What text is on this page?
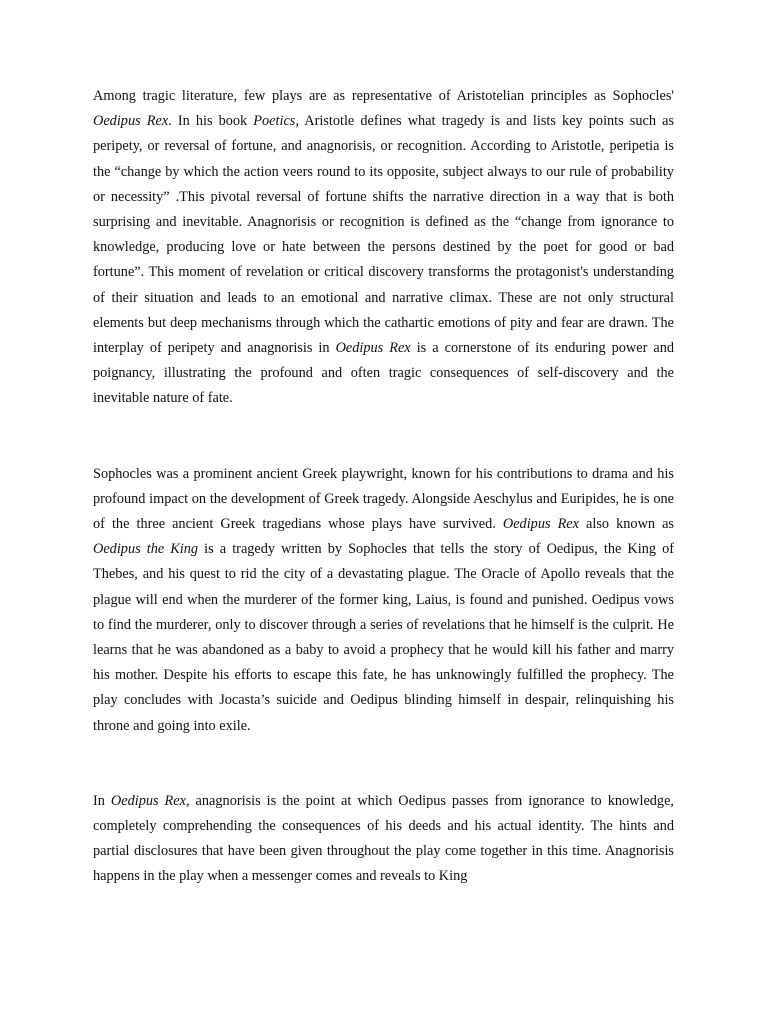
Among tragic literature, few plays are as representative of Aristotelian principles as Sophocles' Oedipus Rex. In his book Poetics, Aristotle defines what tragedy is and lists key points such as peripety, or reversal of fortune, and anagnorisis, or recognition. According to Aristotle, peripetia is the “change by which the action veers round to its opposite, subject always to our rule of probability or necessity” .This pivotal reversal of fortune shifts the narrative direction in a way that is both surprising and inevitable. Anagnorisis or recognition is defined as the “change from ignorance to knowledge, producing love or hate between the persons destined by the poet for good or bad fortune”. This moment of revelation or critical discovery transforms the protagonist's understanding of their situation and leads to an emotional and narrative climax. These are not only structural elements but deep mechanisms through which the cathartic emotions of pity and fear are drawn. The interplay of peripety and anagnorisis in Oedipus Rex is a cornerstone of its enduring power and poignancy, illustrating the profound and often tragic consequences of self-discovery and the inevitable nature of fate.

Sophocles was a prominent ancient Greek playwright, known for his contributions to drama and his profound impact on the development of Greek tragedy. Alongside Aeschylus and Euripides, he is one of the three ancient Greek tragedians whose plays have survived. Oedipus Rex also known as Oedipus the King is a tragedy written by Sophocles that tells the story of Oedipus, the King of Thebes, and his quest to rid the city of a devastating plague. The Oracle of Apollo reveals that the plague will end when the murderer of the former king, Laius, is found and punished. Oedipus vows to find the murderer, only to discover through a series of revelations that he himself is the culprit. He learns that he was abandoned as a baby to avoid a prophecy that he would kill his father and marry his mother. Despite his efforts to escape this fate, he has unknowingly fulfilled the prophecy. The play concludes with Jocasta’s suicide and Oedipus blinding himself in despair, relinquishing his throne and going into exile.

In Oedipus Rex, anagnorisis is the point at which Oedipus passes from ignorance to knowledge, completely comprehending the consequences of his deeds and his actual identity. The hints and partial disclosures that have been given throughout the play come together in this time. Anagnorisis happens in the play when a messenger comes and reveals to King
